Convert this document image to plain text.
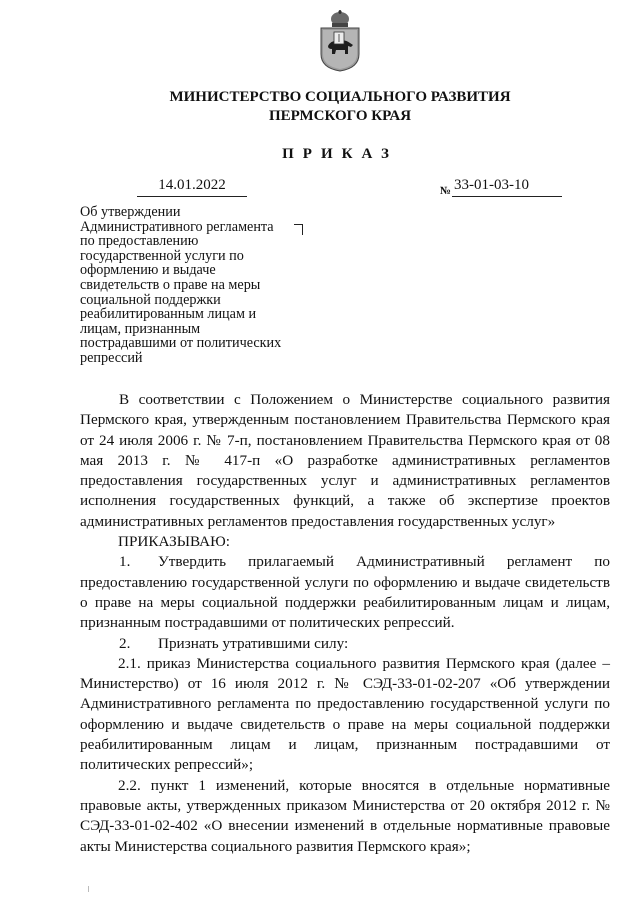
МИНИСТЕРСТВО СОЦИАЛЬНОГО РАЗВИТИЯ
ПЕРМСКОГО КРАЯ
ПРИКАЗ
14.01.2022	№ 33-01-03-10
Об утверждении
Административного регламента
по предоставлению
государственной услуги по
оформлению и выдаче
свидетельств о праве на меры
социальной поддержки
реабилитированным лицам и
лицам, признанным
пострадавшими от политических
репрессий

В соответствии с Положением о Министерстве социального развития Пермского края, утвержденным постановлением Правительства Пермского края от 24 июля 2006 г. № 7-п, постановлением Правительства Пермского края от 08 мая 2013 г. № 417-п «О разработке административных регламентов предоставления государственных услуг и административных регламентов исполнения государственных функций, а также об экспертизе проектов административных регламентов предоставления государственных услуг»

ПРИКАЗЫВАЮ:

1. Утвердить прилагаемый Административный регламент по предоставлению государственной услуги по оформлению и выдаче свидетельств о праве на меры социальной поддержки реабилитированным лицам и лицам, признанным пострадавшими от политических репрессий.

2. Признать утратившими силу:

2.1. приказ Министерства социального развития Пермского края (далее – Министерство) от 16 июля 2012 г. № СЭД-33-01-02-207 «Об утверждении Административного регламента по предоставлению государственной услуги по оформлению и выдаче свидетельств о праве на меры социальной поддержки реабилитированным лицам и лицам, признанным пострадавшими от политических репрессий»;

2.2. пункт 1 изменений, которые вносятся в отдельные нормативные правовые акты, утвержденных приказом Министерства от 20 октября 2012 г. № СЭД-33-01-02-402 «О внесении изменений в отдельные нормативные правовые акты Министерства социального развития Пермского края»;
